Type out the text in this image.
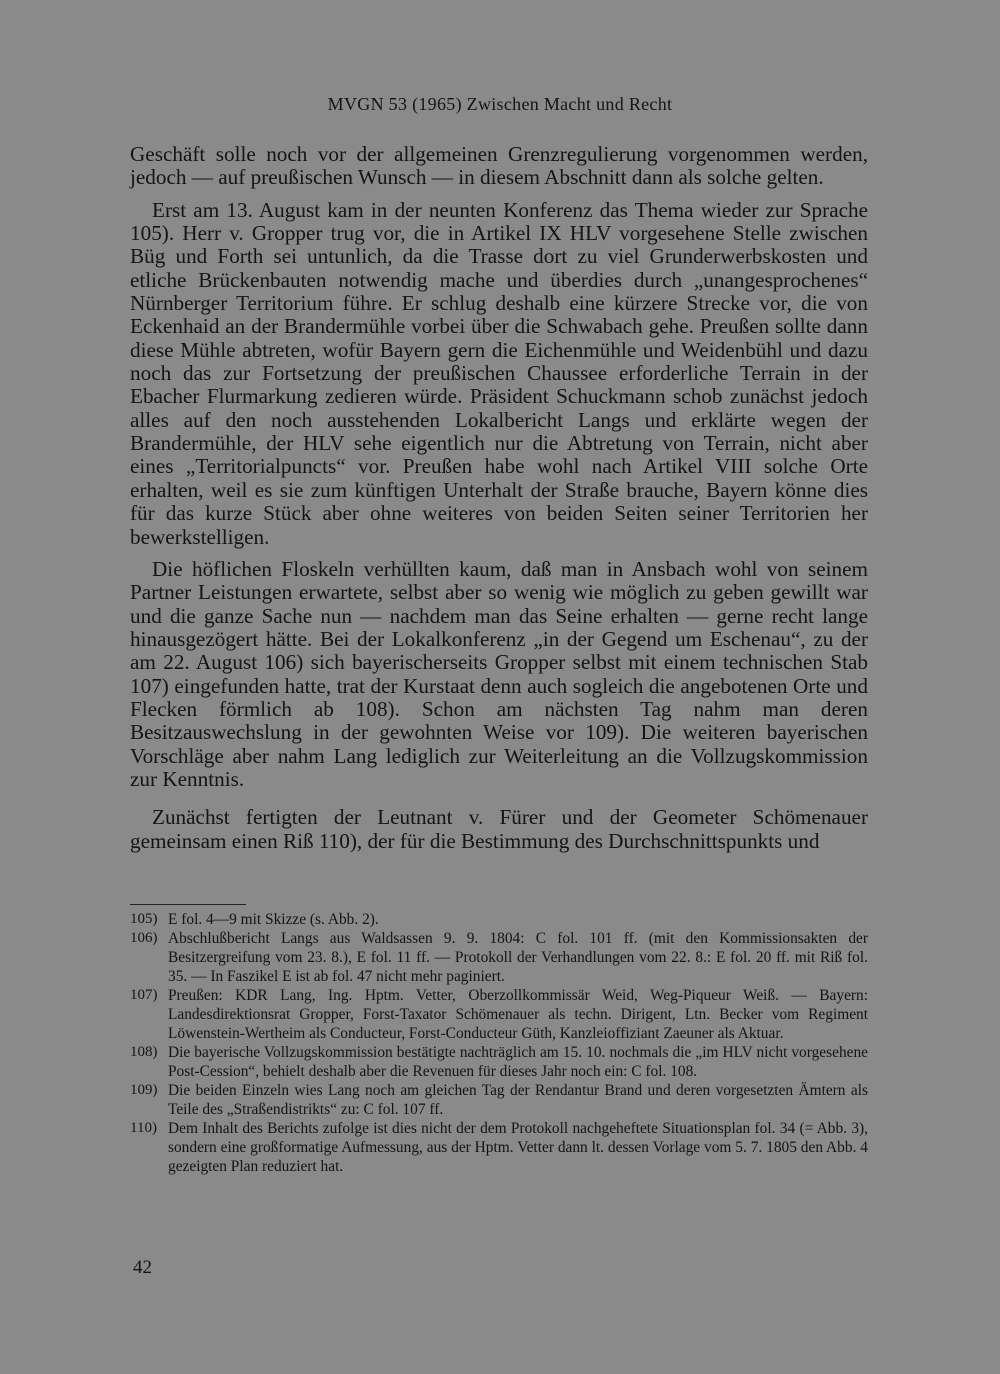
MVGN 53 (1965) Zwischen Macht und Recht

Geschäft solle noch vor der allgemeinen Grenzregulierung vorgenommen werden, jedoch — auf preußischen Wunsch — in diesem Abschnitt dann als solche gelten.

Erst am 13. August kam in der neunten Konferenz das Thema wieder zur Sprache 105). Herr v. Gropper trug vor, die in Artikel IX HLV vorgesehene Stelle zwischen Büg und Forth sei untunlich, da die Trasse dort zu viel Grunderwerbskosten und etliche Brückenbauten notwendig mache und überdies durch „unangesprochenes“ Nürnberger Territorium führe. Er schlug deshalb eine kürzere Strecke vor, die von Eckenhaid an der Brandermühle vorbei über die Schwabach gehe. Preußen sollte dann diese Mühle abtreten, wofür Bayern gern die Eichenmühle und Weidenbühl und dazu noch das zur Fortsetzung der preußischen Chaussee erforderliche Terrain in der Ebacher Flurmarkung zedieren würde. Präsident Schuckmann schob zunächst jedoch alles auf den noch ausstehenden Lokalbericht Langs und erklärte wegen der Brandermühle, der HLV sehe eigentlich nur die Abtretung von Terrain, nicht aber eines „Territorialpuncts“ vor. Preußen habe wohl nach Artikel VIII solche Orte erhalten, weil es sie zum künftigen Unterhalt der Straße brauche, Bayern könne dies für das kurze Stück aber ohne weiteres von beiden Seiten seiner Territorien her bewerkstelligen.

Die höflichen Floskeln verhüllten kaum, daß man in Ansbach wohl von seinem Partner Leistungen erwartete, selbst aber so wenig wie möglich zu geben gewillt war und die ganze Sache nun — nachdem man das Seine erhalten — gerne recht lange hinausgezögert hätte. Bei der Lokalkonferenz „in der Gegend um Eschenau“, zu der am 22. August 106) sich bayerischerseits Gropper selbst mit einem technischen Stab 107) eingefunden hatte, trat der Kurstaat denn auch sogleich die angebotenen Orte und Flecken förmlich ab 108). Schon am nächsten Tag nahm man deren Besitzauswechslung in der gewohnten Weise vor 109). Die weiteren bayerischen Vorschläge aber nahm Lang lediglich zur Weiterleitung an die Vollzugskommission zur Kenntnis.

Zunächst fertigten der Leutnant v. Fürer und der Geometer Schömenauer gemeinsam einen Riß 110), der für die Bestimmung des Durchschnittspunkts und

105) E fol. 4—9 mit Skizze (s. Abb. 2).
106) Abschlußbericht Langs aus Waldsassen 9. 9. 1804: C fol. 101 ff. (mit den Kommissionsakten der Besitzergreifung vom 23. 8.), E fol. 11 ff. — Protokoll der Verhandlungen vom 22. 8.: E fol. 20 ff. mit Riß fol. 35. — In Faszikel E ist ab fol. 47 nicht mehr paginiert.
107) Preußen: KDR Lang, Ing. Hptm. Vetter, Oberzollkommissär Weid, Weg-Piqueur Weiß. — Bayern: Landesdirektionsrat Gropper, Forst-Taxator Schömenauer als techn. Dirigent, Ltn. Becker vom Regiment Löwenstein-Wertheim als Conducteur, Forst-Conducteur Güth, Kanzleioffiziant Zaeuner als Aktuar.
108) Die bayerische Vollzugskommission bestätigte nachträglich am 15. 10. nochmals die „im HLV nicht vorgesehene Post-Cession“, behielt deshalb aber die Revenuen für dieses Jahr noch ein: C fol. 108.
109) Die beiden Einzeln wies Lang noch am gleichen Tag der Rendantur Brand und deren vorgesetzten Ämtern als Teile des „Straßendistrikts“ zu: C fol. 107 ff.
110) Dem Inhalt des Berichts zufolge ist dies nicht der dem Protokoll nachgeheftete Situationsplan fol. 34 (= Abb. 3), sondern eine großformatige Aufmessung, aus der Hptm. Vetter dann lt. dessen Vorlage vom 5. 7. 1805 den Abb. 4 gezeigten Plan reduziert hat.
42
